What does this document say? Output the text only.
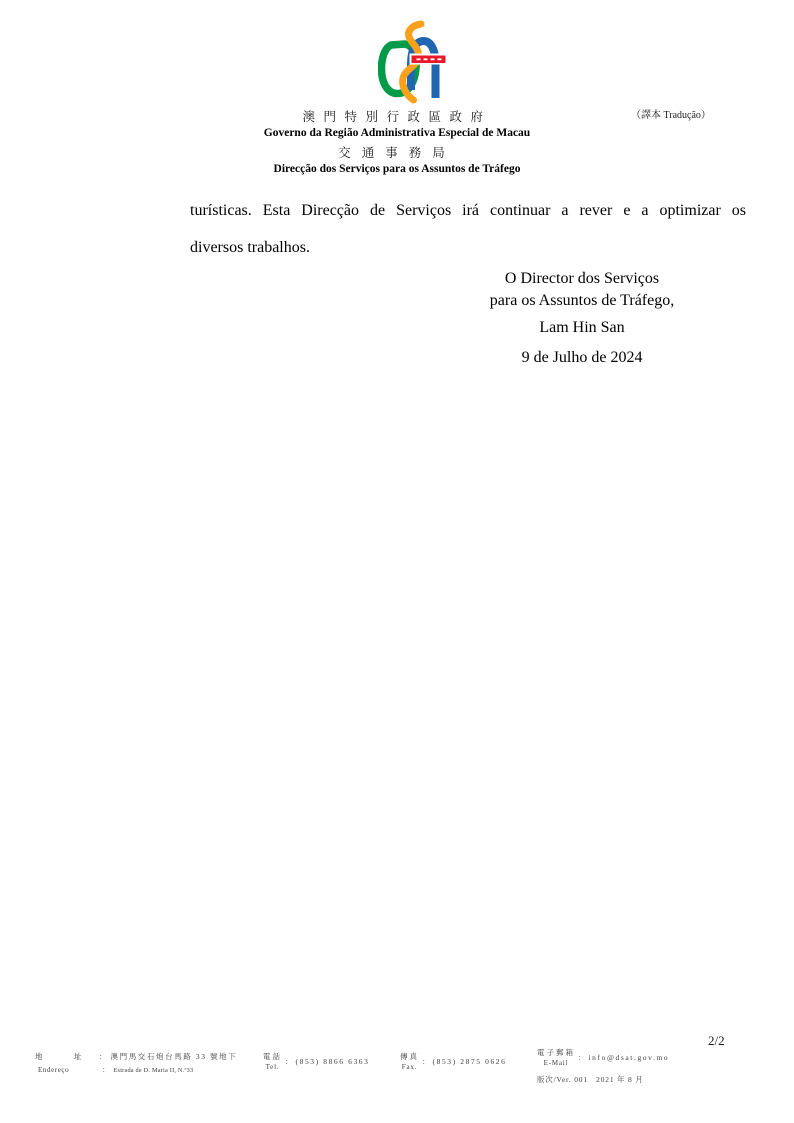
澳門特別行政區政府
Governo da Região Administrativa Especial de Macau
交通事務局
Direcção dos Serviços para os Assuntos de Tráfego
（譯本 Tradução）
turísticas. Esta Direcção de Serviços irá continuar a rever e a optimizar os
diversos trabalhos.
O Director dos Serviços
para os Assuntos de Tráfego,
Lam Hin San
9 de Julho de 2024
2/2
地　址 ： 澳門馬交石炮台馬路 33 號地下
Endereço	： Estrada de D. Maria II, N.º33
電話
Tel.
： (853) 8866 6363	傳真
Fax.
： (853) 2875 0626
電子郵箱
E-Mail
： info@dsat.gov.mo
版次/Ver. 001　2021 年 8 月
